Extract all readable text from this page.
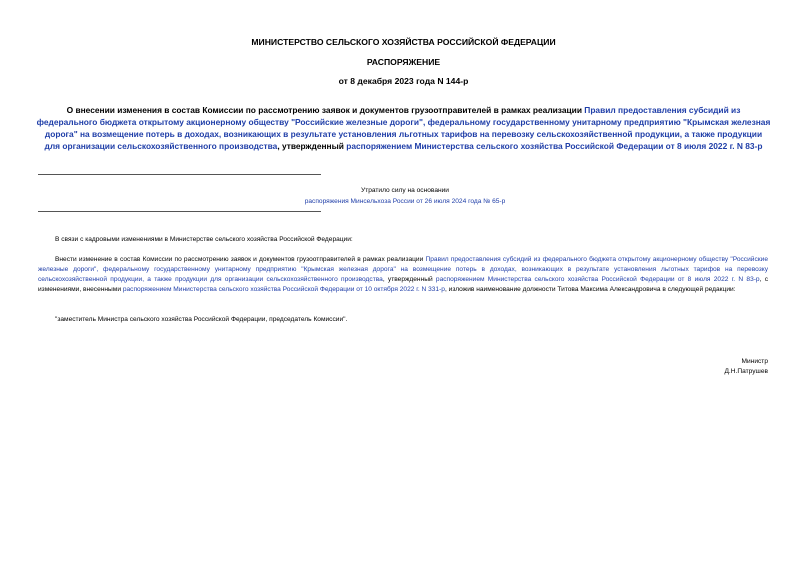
МИНИСТЕРСТВО СЕЛЬСКОГО ХОЗЯЙСТВА РОССИЙСКОЙ ФЕДЕРАЦИИ
РАСПОРЯЖЕНИЕ
от 8 декабря 2023 года N 144-р
О внесении изменения в состав Комиссии по рассмотрению заявок и документов грузоотправителей в рамках реализации Правил предоставления субсидий из федерального бюджета открытому акционерному обществу "Российские железные дороги", федеральному государственному унитарному предприятию "Крымская железная дорога" на возмещение потерь в доходах, возникающих в результате установления льготных тарифов на перевозку сельскохозяйственной продукции, а также продукции для организации сельскохозяйственного производства, утвержденный распоряжением Министерства сельского хозяйства Российской Федерации от 8 июля 2022 г. N 83-р
Утратило силу на основании
распоряжения Минсельхоза России от 26 июля 2024 года № 65-р
В связи с кадровыми изменениями в Министерстве сельского хозяйства Российской Федерации:
Внести изменение в состав Комиссии по рассмотрению заявок и документов грузоотправителей в рамках реализации Правил предоставления субсидий из федерального бюджета открытому акционерному обществу "Российские железные дороги", федеральному государственному унитарному предприятию "Крымская железная дорога" на возмещение потерь в доходах, возникающих в результате установления льготных тарифов на перевозку сельскохозяйственной продукции, а также продукции для организации сельскохозяйственного производства, утвержденный распоряжением Министерства сельского хозяйства Российской Федерации от 8 июля 2022 г. N 83-р, с изменениями, внесенными распоряжением Министерства сельского хозяйства Российской Федерации от 10 октября 2022 г. N 331-р, изложив наименование должности Титова Максима Александровича в следующей редакции:
"заместитель Министра сельского хозяйства Российской Федерации, председатель Комиссии".
Министр
Д.Н.Патрушев
